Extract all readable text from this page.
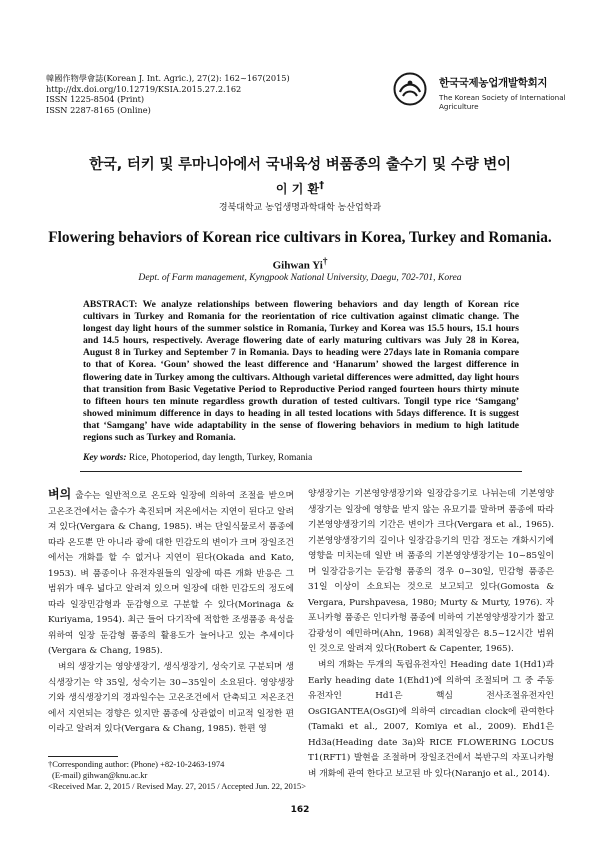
韓國作物學會誌(Korean J. Int. Agric.), 27(2): 162~167(2015)
http://dx.doi.org/10.12719/KSIA.2015.27.2.162
ISSN 1225-8504 (Print)
ISSN 2287-8165 (Online)
한국국제농업개발학회지
The Korean Society of International
Agriculture
한국, 터키 및 루마니아에서 국내육성 벼품종의 출수기 및 수량 변이
이 기 환†
경북대학교 농업생명과학대학 농산업학과
Flowering behaviors of Korean rice cultivars in Korea, Turkey and Romania.
Gihwan Yi†
Dept. of Farm management, Kyngpook National University, Daegu, 702-701, Korea
ABSTRACT: We analyze relationships between flowering behaviors and day length of Korean rice cultivars in Turkey and Romania for the reorientation of rice cultivation against climatic change. The longest day light hours of the summer solstice in Romania, Turkey and Korea was 15.5 hours, 15.1 hours and 14.5 hours, respectively. Average flowering date of early maturing cultivars was July 28 in Korea, August 8 in Turkey and September 7 in Romania. Days to heading were 27days late in Romania compare to that of Korea. ‘Goun’ showed the least difference and ‘Hanarum’ showed the largest difference in flowering date in Turkey among the cultivars. Although varietal differences were admitted, day light hours that transition from Basic Vegetative Period to Reproductive Period ranged fourteen hours thirty minute to fifteen hours ten minute regardless growth duration of tested cultivars. Tongil type rice ‘Samgang’ showed minimum difference in days to heading in all tested locations with 5days difference. It is suggest that ‘Samgang’ have wide adaptability in the sense of flowering behaviors in medium to high latitude regions such as Turkey and Romania.
Key words: Rice, Photoperiod, day length, Turkey, Romania

벼의 출수는 일반적으로 온도와 일장에 의하여 조절을 받으며 고온조건에서는 출수가 촉진되며 저온에서는 지연이 된다고 알려져 있다(Vergara & Chang, 1985). 벼는 단일식물로서 품종에 따라 온도뿐 만 아니라 광에 대한 민감도의 변이가 크며 장일조건에서는 개화를 할 수 없거나 지연이 된다(Okada and Kato, 1953). 벼 품종이나 유전자원들의 일장에 따른 개화 반응은 그 범위가 매우 넓다고 알려져 있으며 일장에 대한 민감도의 정도에 따라 일장민감형과 둔감형으로 구분할 수 있다(Morinaga & Kuriyama, 1954). 최근 들어 다기작에 적합한 조생품종 육성을 위하여 일장 둔감형 품종의 활용도가 늘어나고 있는 추세이다(Vergara & Chang, 1985).

벼의 생장기는 영양생장기, 생식생장기, 성숙기로 구분되며 생식생장기는 약 35일, 성숙기는 30~35일이 소요된다. 영양생장기와 생식생장기의 경과일수는 고온조건에서 단축되고 저온조건에서 지연되는 경향은 있지만 품종에 상관없이 비교적 일정한 편이라고 알려져 있다(Vergara & Chang, 1985). 한편 영

양생장기는 기본영양생장기와 일장감응기로 나뉘는데 기본영양생장기는 일장에 영향을 받지 않는 유묘기를 말하며 품종에 따라 기본영양생장기의 기간은 변이가 크다(Vergara et al., 1965). 기본영양생장기의 길이나 일장감응기의 민감 정도는 개화시기에 영향을 미치는데 일반 벼 품종의 기본영양생장기는 10~85일이며 일장감응기는 둔감형 품종의 경우 0~30일, 민감형 품종은 31일 이상이 소요되는 것으로 보고되고 있다(Gomosta & Vergara, Purshpavesa, 1980; Murty & Murty, 1976). 자포니카형 품종은 인디카형 품종에 비하여 기본영양생장기가 짧고 감광성이 예민하며(Ahn, 1968) 최적일장은 8.5~12시간 범위인 것으로 알려져 있다(Robert & Capenter, 1965).

벼의 개화는 두개의 독립유전자인 Heading date 1(Hd1)과 Early heading date 1(Ehd1)에 의하여 조절되며 그 중 주동유전자인 Hd1은 핵심 전사조절유전자인 OsGIGANTEA(OsGI)에 의하여 circadian clock에 관여한다(Tamaki et al., 2007, Komiya et al., 2009). Ehd1은 Hd3a(Heading date 3a)와 RICE FLOWERING LOCUS T1(RFT1) 발현을 조절하며 장일조건에서 북반구의 자포니카형 벼 개화에 관여 한다고 보고된 바 있다(Naranjo et al., 2014).

†Corresponding author: (Phone) +82-10-2463-1974
(E-mail) gihwan@knu.ac.kr
<Received Mar. 2, 2015 / Revised May. 27, 2015 / Accepted Jun. 22, 2015>
162
